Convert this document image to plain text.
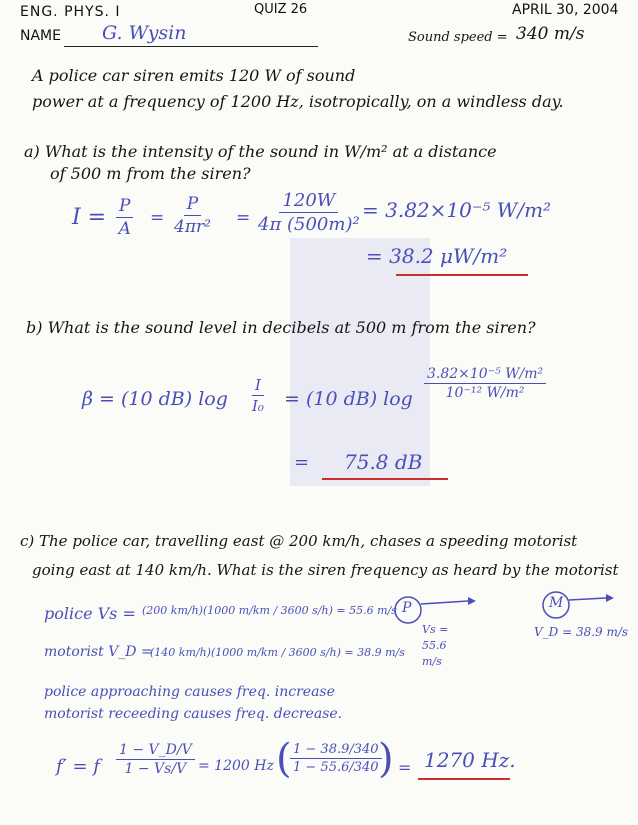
ENG. PHYS. I	QUIZ 26	APRIL 30, 2004
NAME G. Wysin	Sound speed = 340 m/s
A police car siren emits 120 W of sound
power at a frequency of 1200 Hz, isotropically, on a windless day.
a) What is the intensity of the sound in W/m² at a distance
of 500 m from the siren?
$I = \frac{P}{A} = \frac{P}{\text{4πr²}} = \frac{120W}{\text{4π (500m)²}} = 3.82\times 10^{-5}$ W/m²
= 38.2 μW/m²
b) What is the sound level in decibels at 500 m from the siren?
β = (10 dB) $\log \frac{I}{\text{I₀}} = (10$ dB) $\log \frac{\text{3.82×10⁻⁵ W/m²}}{\text{10⁻¹² W/m²}}$
= 75.8 dB
c) The police car, travelling east @ 200 km/h, chases a speeding motorist
going east at 140 km/h. What is the siren frequency as heard by the motorist
police Vs = (200 km/h)(1000 m/km / 3600 s/h) = 55.6 m/s
motorist V_D =
(140 km/h)(1000 m/km / 3600 s/h) = 38.9 m/s
P
Vs = 55.6 m/s
M
V_D = 38.9 m/s
police approaching causes freq. increase
motorist receeding causes freq. decrease.
f′ = f $\frac{1 - V\_D/V}{1 - Vs/V} = 1200$ Hz (
$\frac{1 - 38.9/340}{1 - 55.6/340}$
) = 1270 Hz.
